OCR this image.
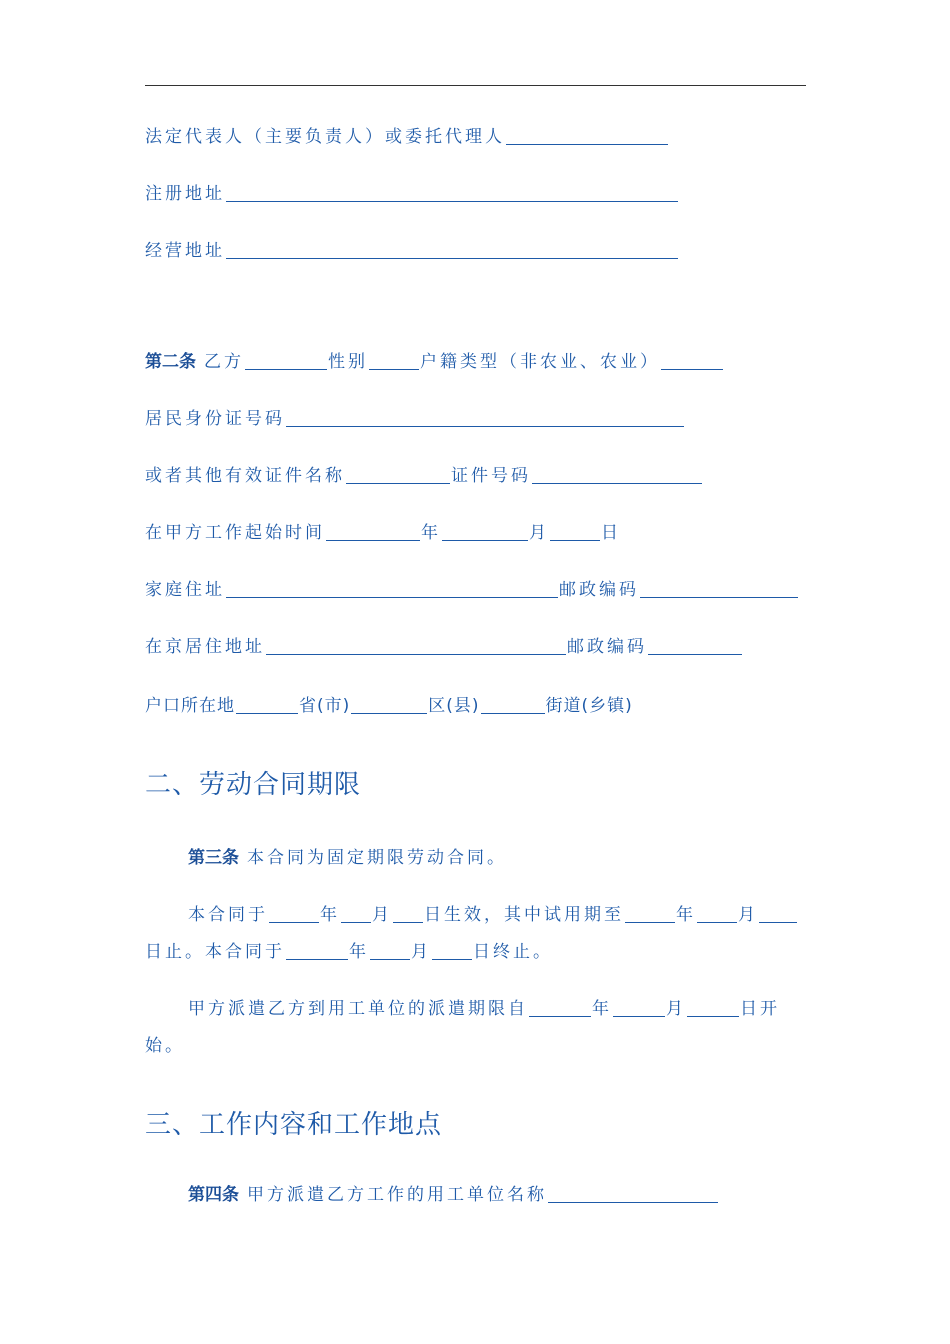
法定代表人（主要负责人）或委托代理人
注册地址
经营地址
第二条 乙方	性别	户籍类型（非农业、农业）
居民身份证号码
或者其他有效证件名称	证件号码
在甲方工作起始时间	年	月	日
家庭住址	邮政编码
在京居住地址	邮政编码
户口所在地	省(市)	区(县)	街道(乡镇)
二、劳动合同期限
第三条 本合同为固定期限劳动合同。
本合同于	年 月 日生效，其中试用期至	年 月
日止。本合同于	年 月 日终止。
甲方派遣乙方到用工单位的派遣期限自	年	月	日开
始。
三、工作内容和工作地点
第四条 甲方派遣乙方工作的用工单位名称
